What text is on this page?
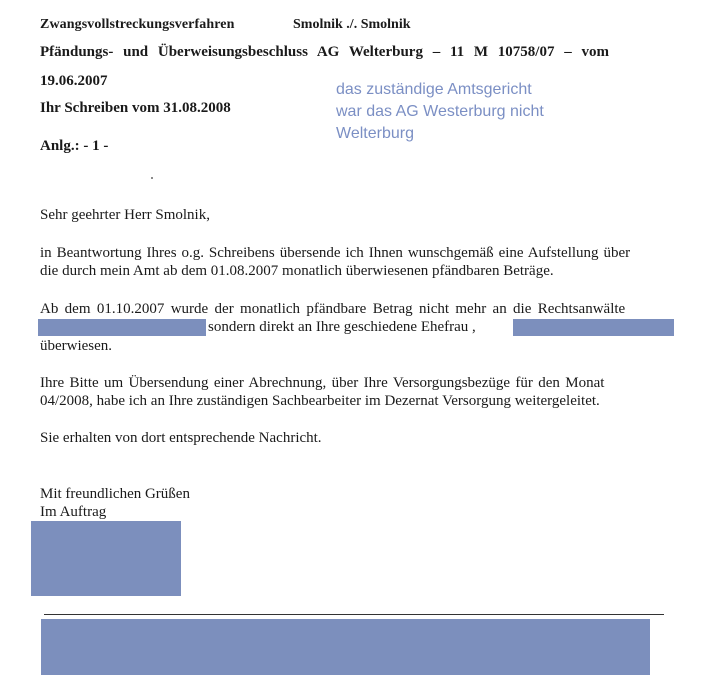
Zwangsvollstreckungsverfahren	Smolnik ./. Smolnik
Pfändungs- und Überweisungsbeschluss AG Welterburg – 11 M 10758/07 – vom
19.06.2007
Ihr Schreiben vom 31.08.2008
Anlg.: - 1 -
das zuständige Amtsgericht
war das AG Westerburg nicht
Welterburg
Sehr geehrter Herr Smolnik,
in Beantwortung Ihres o.g. Schreibens übersende ich Ihnen wunschgemäß eine Aufstellung über
die durch mein Amt ab dem 01.08.2007 monatlich überwiesenen pfändbaren Beträge.
Ab dem 01.10.2007 wurde der monatlich pfändbare Betrag nicht mehr an die Rechtsanwälte
sondern direkt an Ihre geschiedene Ehefrau ,
überwiesen.
Ihre Bitte um Übersendung einer Abrechnung, über Ihre Versorgungsbezüge für den Monat
04/2008, habe ich an Ihre zuständigen Sachbearbeiter im Dezernat Versorgung weitergeleitet.
Sie erhalten von dort entsprechende Nachricht.
Mit freundlichen Grüßen
Im Auftrag
